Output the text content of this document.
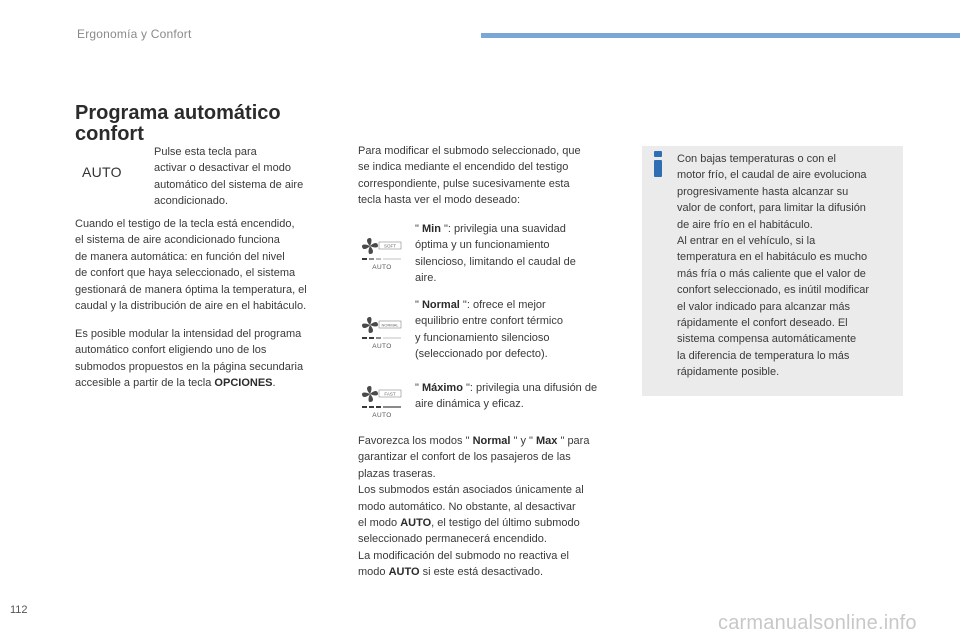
Ergonomía y Confort
Programa automático
confort
AUTO
Pulse esta tecla para
activar o desactivar el modo
automático del sistema de aire
acondicionado.
Cuando el testigo de la tecla está encendido,
el sistema de aire acondicionado funciona
de manera automática: en función del nivel
de confort que haya seleccionado, el sistema
gestionará de manera óptima la temperatura, el
caudal y la distribución de aire en el habitáculo.
Es posible modular la intensidad del programa
automático confort eligiendo uno de los
submodos propuestos en la página secundaria
accesible a partir de la tecla OPCIONES.
Para modificar el submodo seleccionado, que
se indica mediante el encendido del testigo
correspondiente, pulse sucesivamente esta
tecla hasta ver el modo deseado:
SOFT
AUTO
NORMAL
AUTO
FAST
AUTO
" Min ": privilegia una suavidad
óptima y un funcionamiento
silencioso, limitando el caudal de
aire.
" Normal ": ofrece el mejor
equilibrio entre confort térmico
y funcionamiento silencioso
(seleccionado por defecto).
" Máximo ": privilegia una difusión de
aire dinámica y eficaz.
Favorezca los modos " Normal " y " Max " para
garantizar el confort de los pasajeros de las
plazas traseras.
Los submodos están asociados únicamente al
modo automático. No obstante, al desactivar
el modo AUTO, el testigo del último submodo
seleccionado permanecerá encendido.
La modificación del submodo no reactiva el
modo AUTO si este está desactivado.
Con bajas temperaturas o con el
motor frío, el caudal de aire evoluciona
progresivamente hasta alcanzar su
valor de confort, para limitar la difusión
de aire frío en el habitáculo.
Al entrar en el vehículo, si la
temperatura en el habitáculo es mucho
más fría o más caliente que el valor de
confort seleccionado, es inútil modificar
el valor indicado para alcanzar más
rápidamente el confort deseado. El
sistema compensa automáticamente
la diferencia de temperatura lo más
rápidamente posible.
112
carmanualsonline.info
